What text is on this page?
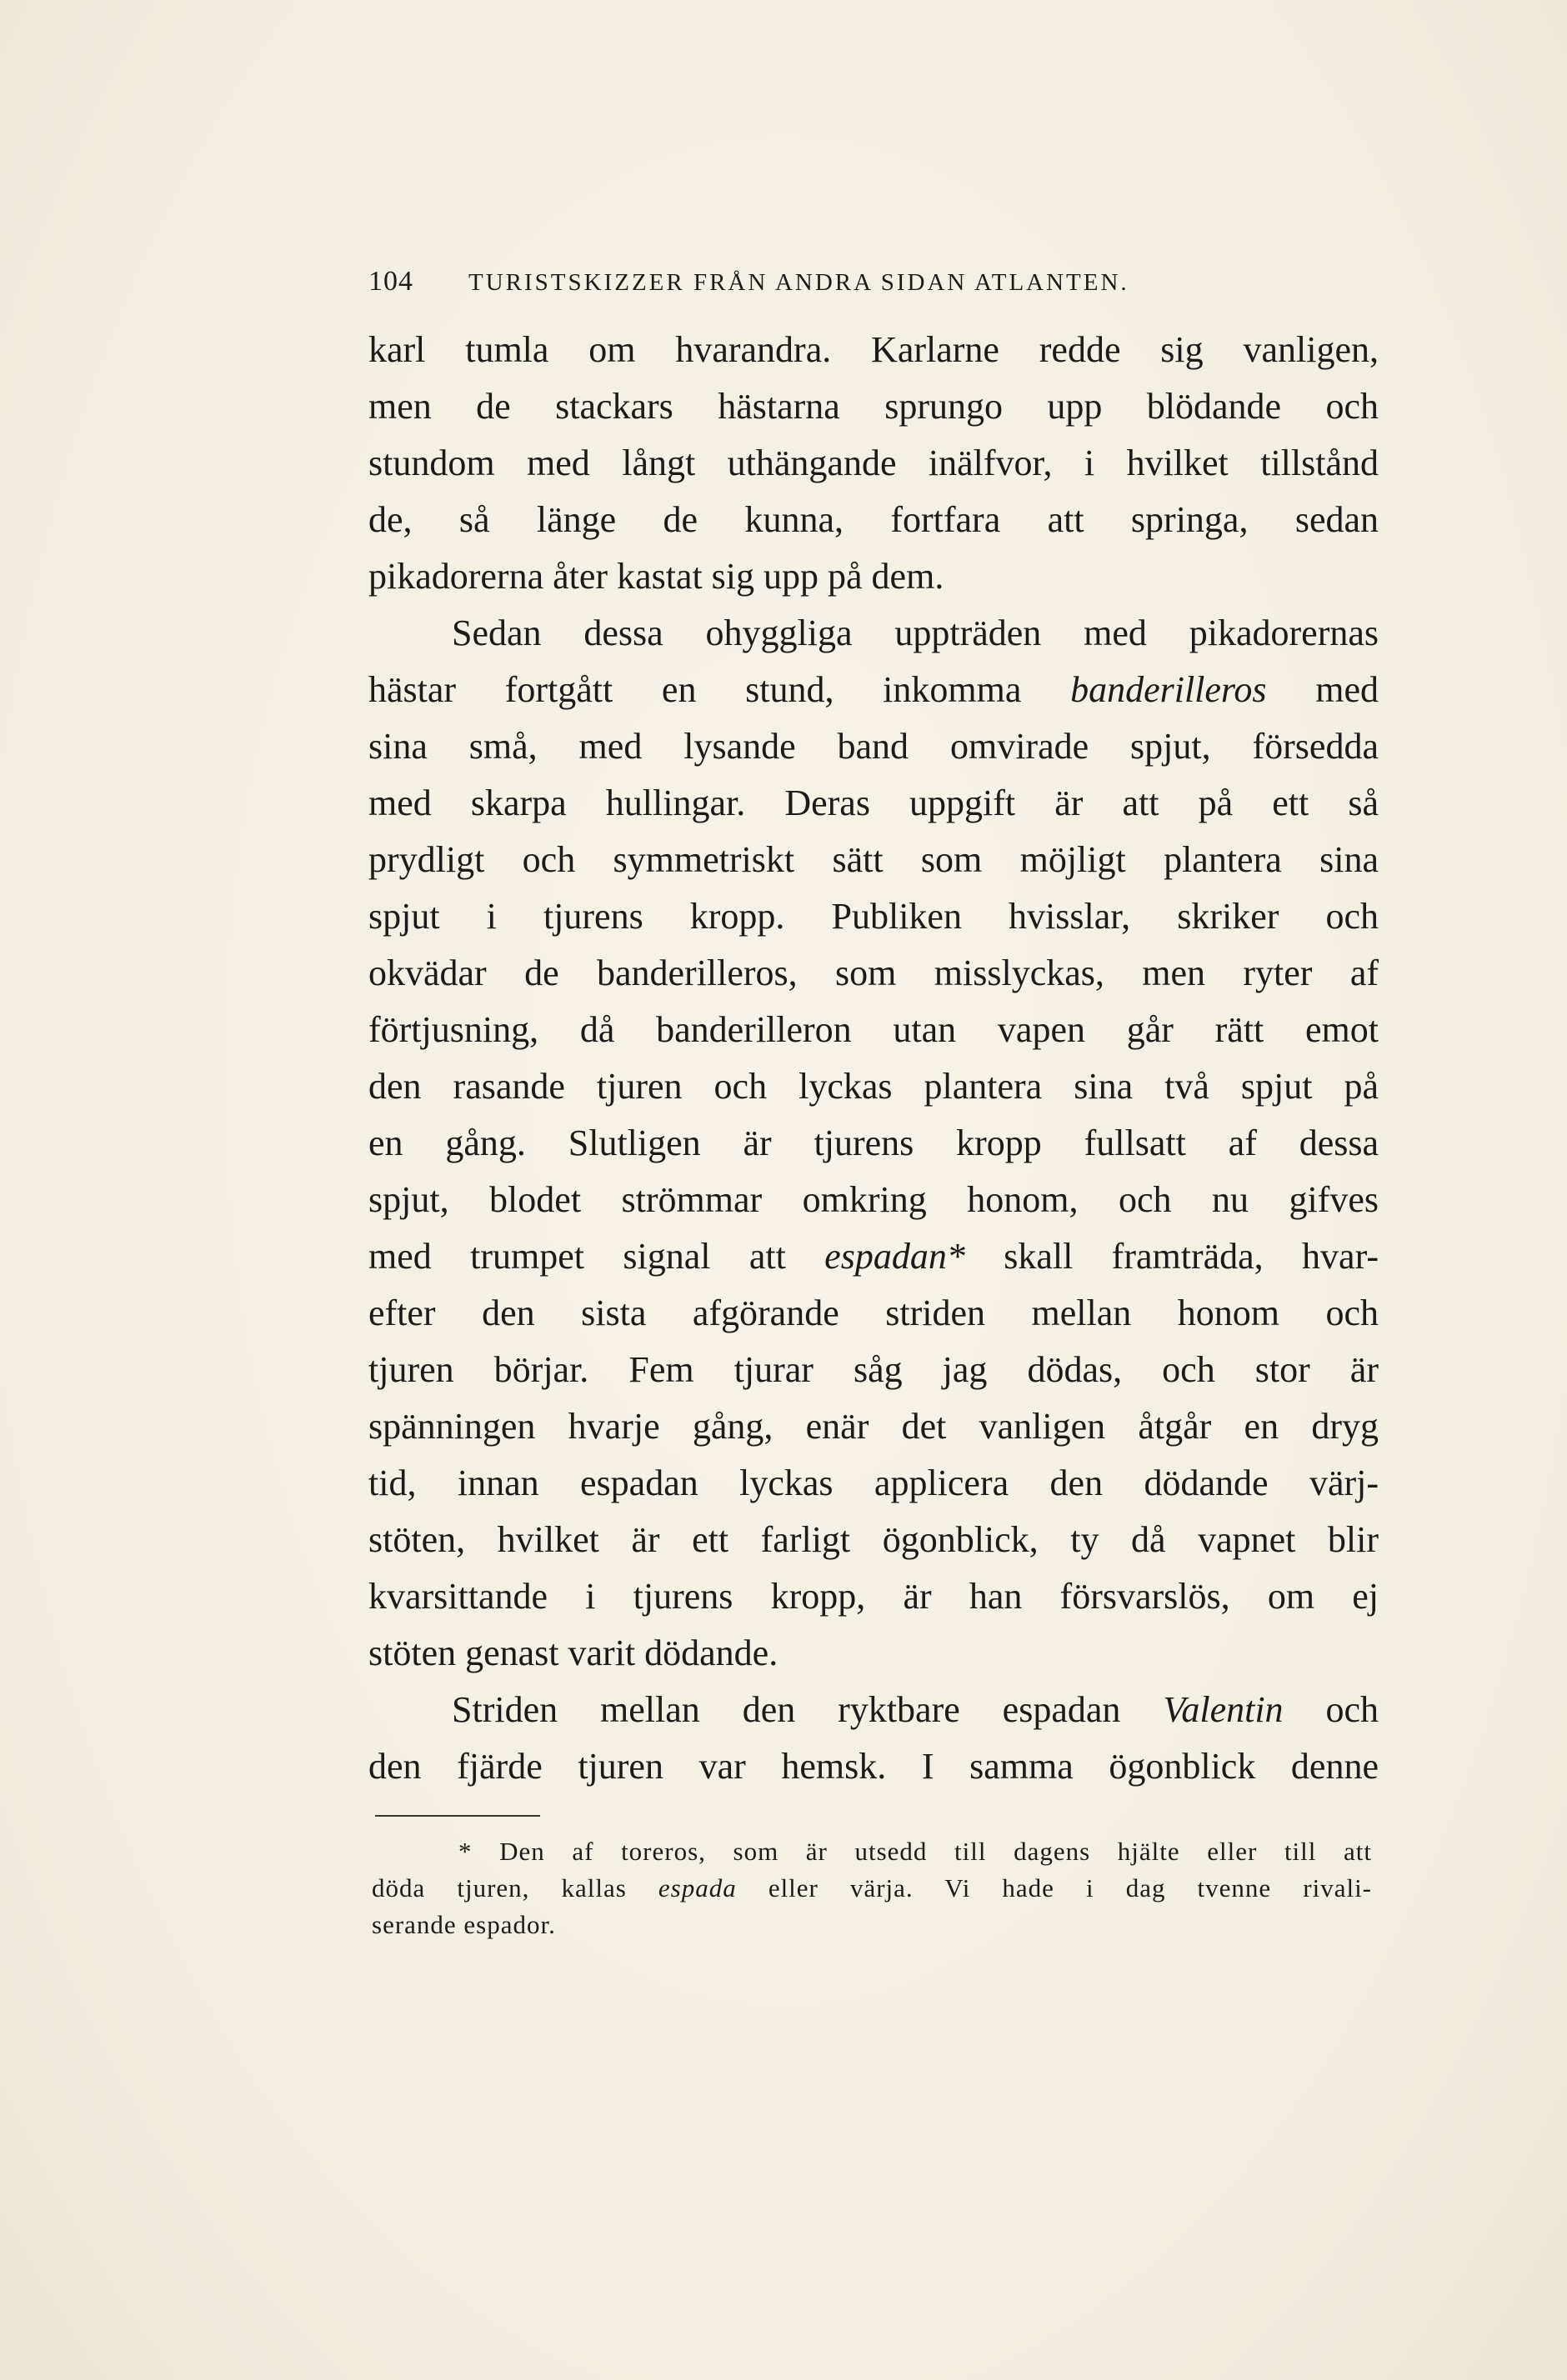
104 TURISTSKIZZER FRÅN ANDRA SIDAN ATLANTEN.
karl tumla om hvarandra. Karlarne redde sig vanligen,
men de stackars hästarna sprungo upp blödande och
stundom med långt uthängande inälfvor, i hvilket tillstånd
de, så länge de kunna, fortfara att springa, sedan
pikadorerna åter kastat sig upp på dem.
Sedan dessa ohyggliga uppträden med pikadorernas
hästar fortgått en stund, inkomma banderilleros med
sina små, med lysande band omvirade spjut, försedda
med skarpa hullingar. Deras uppgift är att på ett så
prydligt och symmetriskt sätt som möjligt plantera sina
spjut i tjurens kropp. Publiken hvisslar, skriker och
okvädar de banderilleros, som misslyckas, men ryter af
förtjusning, då banderilleron utan vapen går rätt emot
den rasande tjuren och lyckas plantera sina två spjut på
en gång. Slutligen är tjurens kropp fullsatt af dessa
spjut, blodet strömmar omkring honom, och nu gifves
med trumpet signal att espadan* skall framträda, hvar-
efter den sista afgörande striden mellan honom och
tjuren börjar. Fem tjurar såg jag dödas, och stor är
spänningen hvarje gång, enär det vanligen åtgår en dryg
tid, innan espadan lyckas applicera den dödande värj-
stöten, hvilket är ett farligt ögonblick, ty då vapnet blir
kvarsittande i tjurens kropp, är han försvarslös, om ej
stöten genast varit dödande.
Striden mellan den ryktbare espadan Valentin och
den fjärde tjuren var hemsk. I samma ögonblick denne
* Den af toreros, som är utsedd till dagens hjälte eller till att
döda tjuren, kallas espada eller värja. Vi hade i dag tvenne rivali-
serande espador.
